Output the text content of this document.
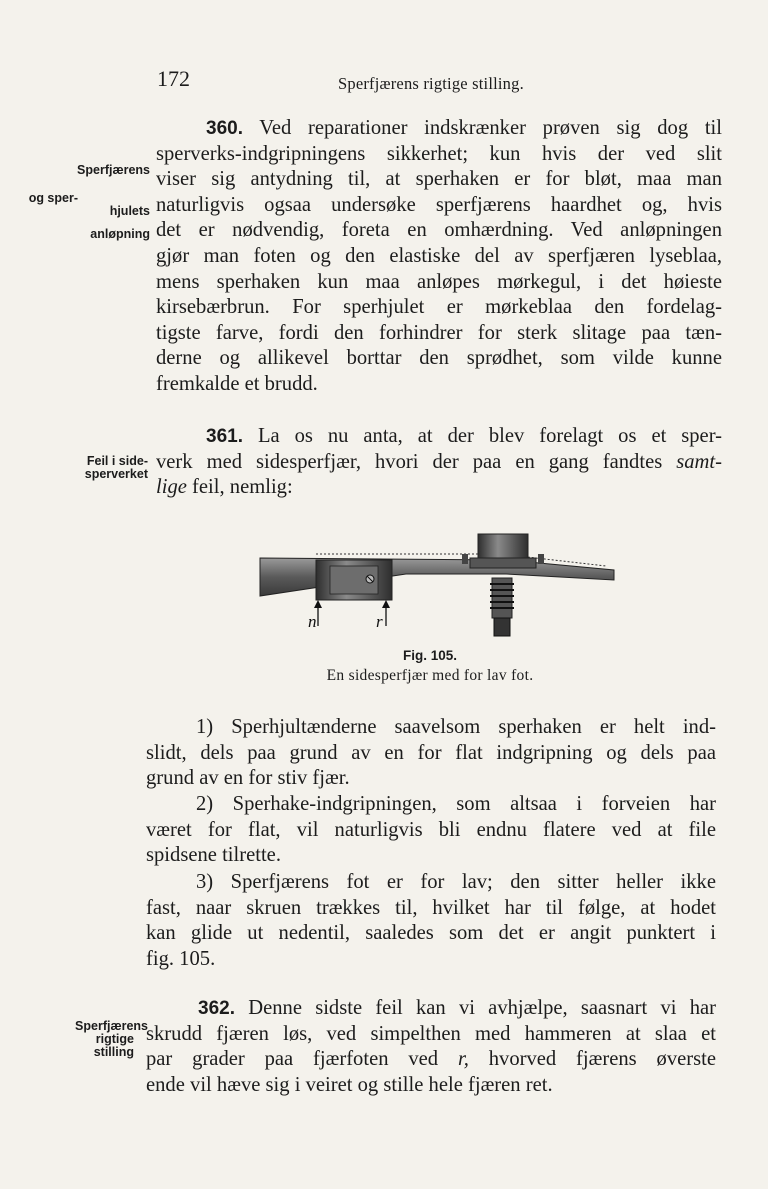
172	Sperfjærens rigtige stilling.
Sperfjærens
og sper-
hjulets
anløpning
360. Ved reparationer indskrænker prøven sig dog til
sperverks-indgripningens sikkerhet; kun hvis der ved slit
viser sig antydning til, at sperhaken er for bløt, maa man
naturligvis ogsaa undersøke sperfjærens haardhet og, hvis
det er nødvendig, foreta en omhærdning. Ved anløpningen
gjør man foten og den elastiske del av sperfjæren lyseblaa,
mens sperhaken kun maa anløpes mørkegul, i det høieste
kirsebærbrun. For sperhjulet er mørkeblaa den fordelag-
tigste farve, fordi den forhindrer for sterk slitage paa tæn-
derne og allikevel borttar den sprødhet, som vilde kunne
fremkalde et brudd.
Feil i side-
sperverket
361. La os nu anta, at der blev forelagt os et sper-
verk med sidesperfjær, hvori der paa en gang fandtes samt-
lige feil, nemlig:
n	r
Fig. 105.
En sidesperfjær med for lav fot.
1) Sperhjultænderne saavelsom sperhaken er helt ind-
slidt, dels paa grund av en for flat indgripning og dels paa
grund av en for stiv fjær.
2) Sperhake-indgripningen, som altsaa i forveien har
været for flat, vil naturligvis bli endnu flatere ved at file
spidsene tilrette.
3) Sperfjærens fot er for lav; den sitter heller ikke
fast, naar skruen trækkes til, hvilket har til følge, at hodet
kan glide ut nedentil, saaledes som det er angit punktert i
fig. 105.
Sperfjærens
rigtige
stilling
362. Denne sidste feil kan vi avhjælpe, saasnart vi har
skrudd fjæren løs, ved simpelthen med hammeren at slaa et
par grader paa fjærfoten ved r, hvorved fjærens øverste
ende vil hæve sig i veiret og stille hele fjæren ret.
